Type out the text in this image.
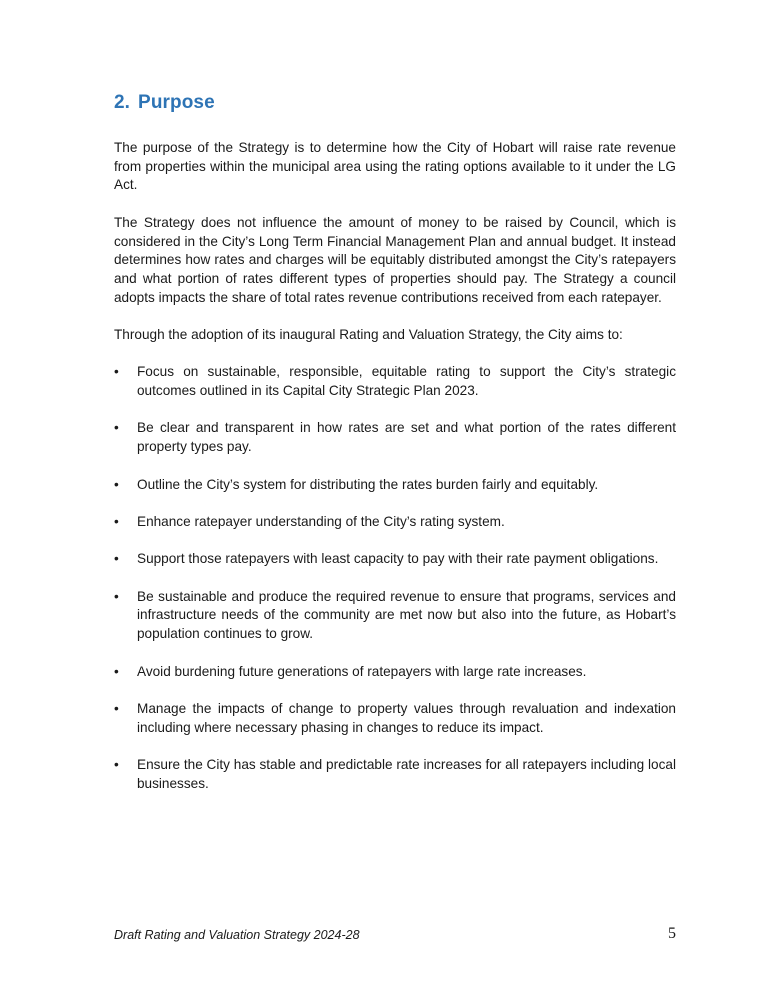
2. Purpose

The purpose of the Strategy is to determine how the City of Hobart will raise rate revenue from properties within the municipal area using the rating options available to it under the LG Act.

The Strategy does not influence the amount of money to be raised by Council, which is considered in the City’s Long Term Financial Management Plan and annual budget. It instead determines how rates and charges will be equitably distributed amongst the City’s ratepayers and what portion of rates different types of properties should pay. The Strategy a council adopts impacts the share of total rates revenue contributions received from each ratepayer.

Through the adoption of its inaugural Rating and Valuation Strategy, the City aims to:

• Focus on sustainable, responsible, equitable rating to support the City’s strategic outcomes outlined in its Capital City Strategic Plan 2023.
• Be clear and transparent in how rates are set and what portion of the rates different property types pay.
• Outline the City’s system for distributing the rates burden fairly and equitably.
• Enhance ratepayer understanding of the City’s rating system.
• Support those ratepayers with least capacity to pay with their rate payment obligations.
• Be sustainable and produce the required revenue to ensure that programs, services and infrastructure needs of the community are met now but also into the future, as Hobart’s population continues to grow.
• Avoid burdening future generations of ratepayers with large rate increases.
• Manage the impacts of change to property values through revaluation and indexation including where necessary phasing in changes to reduce its impact.
• Ensure the City has stable and predictable rate increases for all ratepayers including local businesses.
Draft Rating and Valuation Strategy 2024-28	5
